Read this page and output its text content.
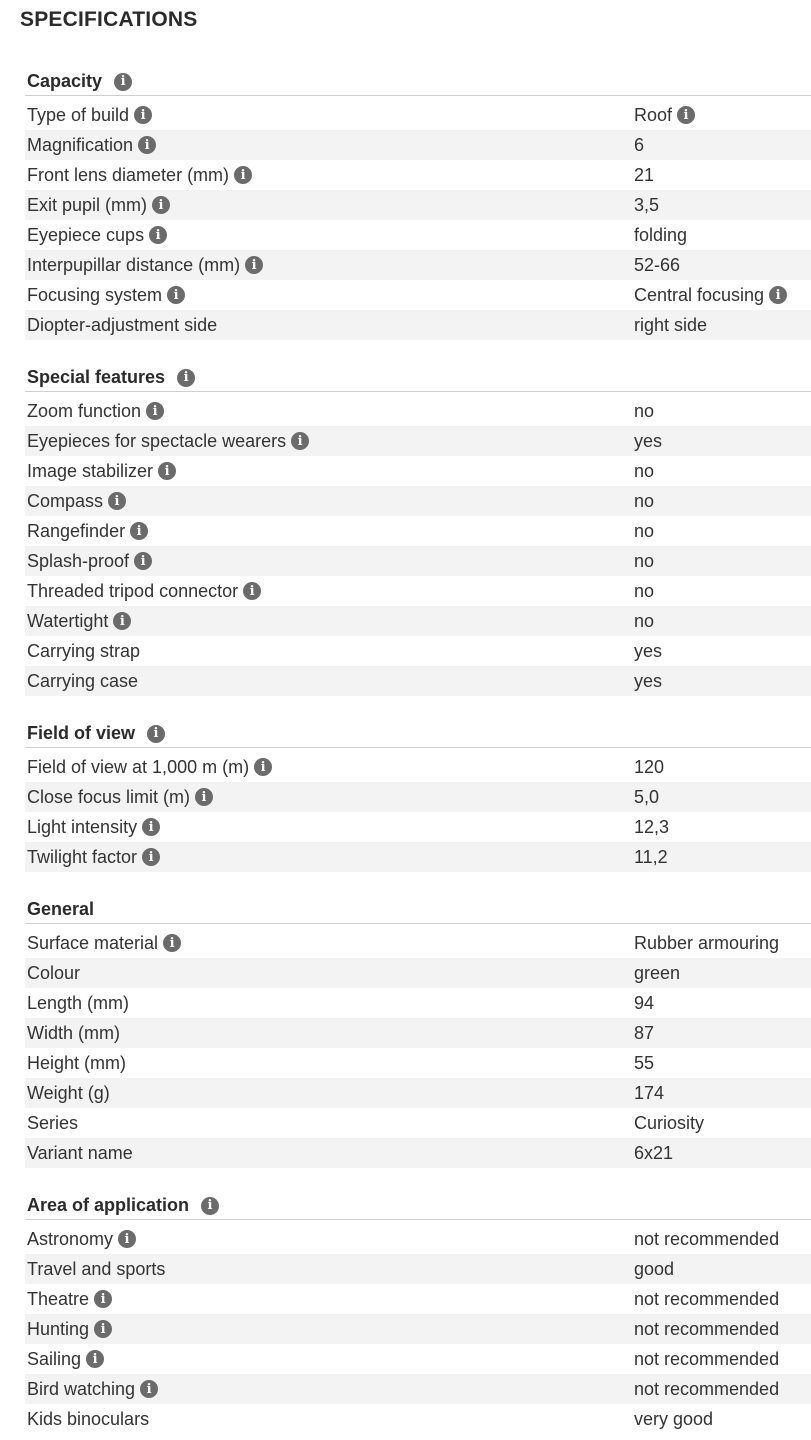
SPECIFICATIONS
Capacity	i
Type of build i	Roof i
Magnification i	6
Front lens diameter (mm) i	21
Exit pupil (mm) i	3,5
Eyepiece cups i	folding
Interpupillar distance (mm) i	52-66
Focusing system i	Central focusing i
Diopter-adjustment side	right side
Special features	i
Zoom function i	no
Eyepieces for spectacle wearers i	yes
Image stabilizer i	no
Compass i	no
Rangefinder i	no
Splash-proof i	no
Threaded tripod connector i	no
Watertight i	no
Carrying strap	yes
Carrying case	yes
Field of view	i
Field of view at 1,000 m (m) i	120
Close focus limit (m) i	5,0
Light intensity i	12,3
Twilight factor i	11,2
General
Surface material i	Rubber armouring
Colour	green
Length (mm)	94
Width (mm)	87
Height (mm)	55
Weight (g)	174
Series	Curiosity
Variant name	6x21
Area of application	i
Astronomy i	not recommended
Travel and sports	good
Theatre i	not recommended
Hunting i	not recommended
Sailing i	not recommended
Bird watching i	not recommended
Kids binoculars	very good
